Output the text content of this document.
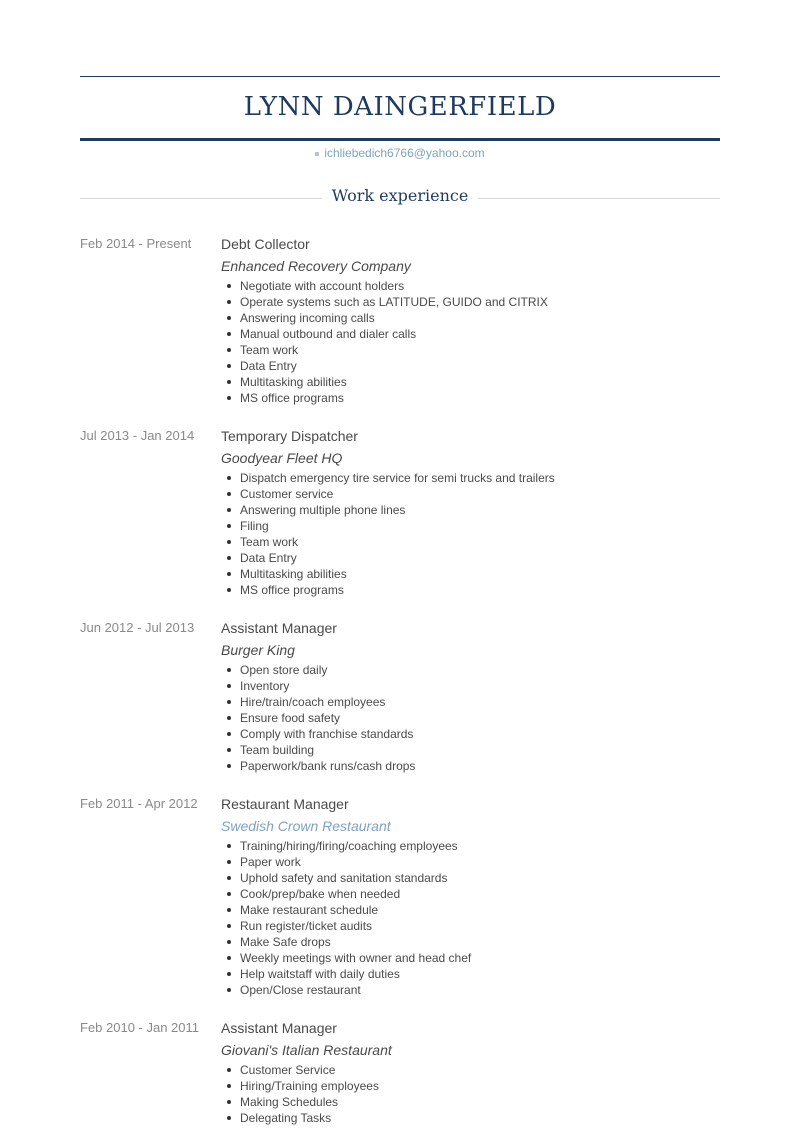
LYNN DAINGERFIELD
ichliebedich6766@yahoo.com
Work experience
Feb 2014 - Present	Debt Collector
Enhanced Recovery Company
Negotiate with account holders
Operate systems such as LATITUDE, GUIDO and CITRIX
Answering incoming calls
Manual outbound and dialer calls
Team work
Data Entry
Multitasking abilities
MS office programs
Jul 2013 - Jan 2014	Temporary Dispatcher
Goodyear Fleet HQ
Dispatch emergency tire service for semi trucks and trailers
Customer service
Answering multiple phone lines
Filing
Team work
Data Entry
Multitasking abilities
MS office programs
Jun 2012 - Jul 2013	Assistant Manager
Burger King
Open store daily
Inventory
Hire/train/coach employees
Ensure food safety
Comply with franchise standards
Team building
Paperwork/bank runs/cash drops
Feb 2011 - Apr 2012	Restaurant Manager
Swedish Crown Restaurant
Training/hiring/firing/coaching employees
Paper work
Uphold safety and sanitation standards
Cook/prep/bake when needed
Make restaurant schedule
Run register/ticket audits
Make Safe drops
Weekly meetings with owner and head chef
Help waitstaff with daily duties
Open/Close restaurant
Feb 2010 - Jan 2011	Assistant Manager
Giovani's Italian Restaurant
Customer Service
Hiring/Training employees
Making Schedules
Delegating Tasks
